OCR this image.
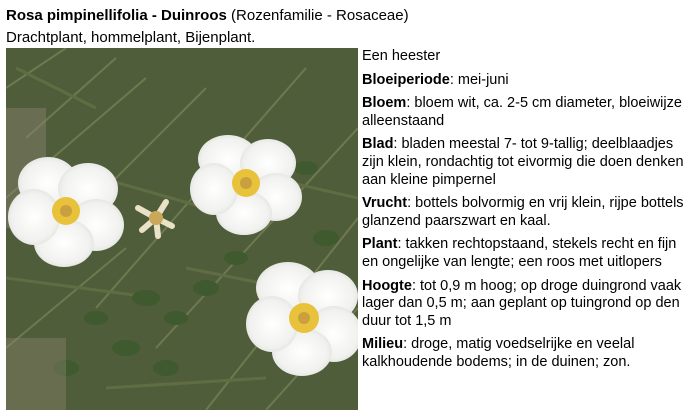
Rosa pimpinellifolia - Duinroos (Rozenfamilie - Rosaceae)
Drachtplant, hommelplant, Bijenplant.
Een heester
Bloeiperiode: mei-juni
Bloem: bloem wit, ca. 2-5 cm diameter, bloeiwijze alleenstaand
Blad: bladen meestal 7- tot 9-tallig; deelblaadjes zijn klein, rondachtig tot eivormig die doen denken aan kleine pimpernel
Vrucht: bottels bolvormig en vrij klein, rijpe bottels glanzend paarszwart en kaal.
Plant: takken rechtopstaand, stekels recht en fijn en ongelijke van lengte; een roos met uitlopers
Hoogte: tot 0,9 m hoog; op droge duingrond vaak lager dan 0,5 m; aan geplant op tuingrond op den duur tot 1,5 m
Milieu: droge, matig voedselrijke en veelal kalkhoudende bodems; in de duinen; zon.
